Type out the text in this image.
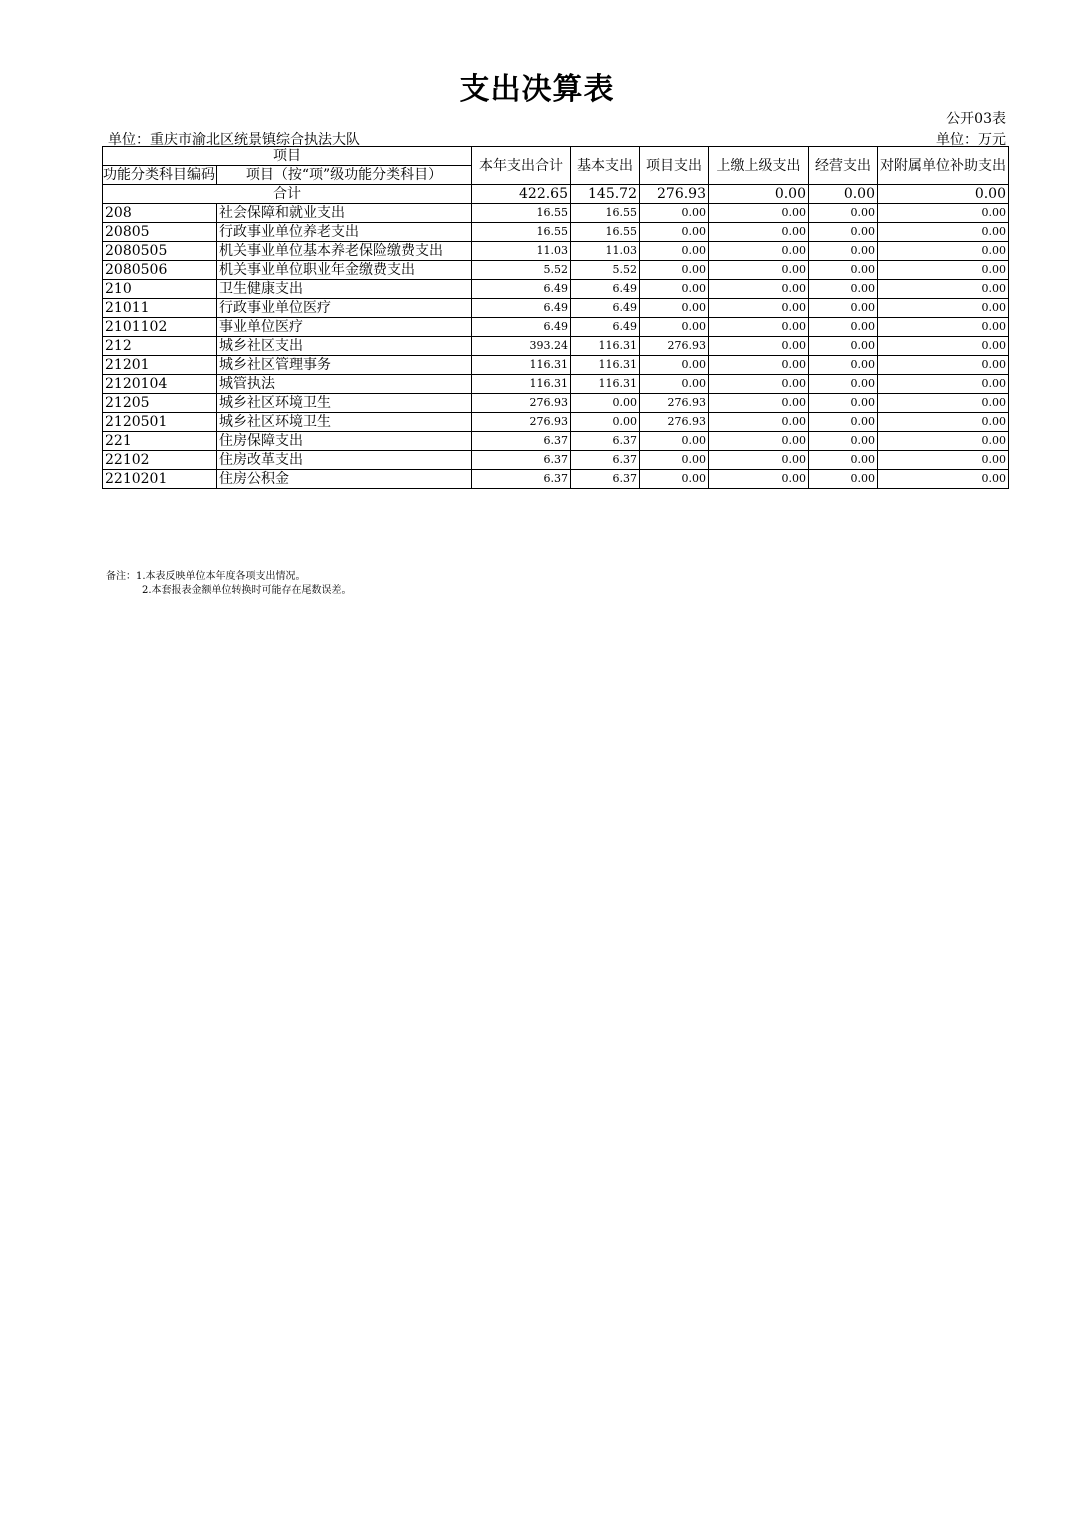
支出决算表
公开03表
单位：重庆市渝北区统景镇综合执法大队	单位：万元
项目		本年支出合计	基本支出	项目支出	上缴上级支出	经营支出	对附属单位补助支出
功能分类科目编码	项目（按“项”级功能分类科目）						
合计		422.65	145.72	276.93	0.00	0.00	0.00
208	社会保障和就业支出	16.55	16.55	0.00	0.00	0.00	0.00
20805	行政事业单位养老支出	16.55	16.55	0.00	0.00	0.00	0.00
2080505	机关事业单位基本养老保险缴费支出	11.03	11.03	0.00	0.00	0.00	0.00
2080506	机关事业单位职业年金缴费支出	5.52	5.52	0.00	0.00	0.00	0.00
210	卫生健康支出	6.49	6.49	0.00	0.00	0.00	0.00
21011	行政事业单位医疗	6.49	6.49	0.00	0.00	0.00	0.00
2101102	事业单位医疗	6.49	6.49	0.00	0.00	0.00	0.00
212	城乡社区支出	393.24	116.31	276.93	0.00	0.00	0.00
21201	城乡社区管理事务	116.31	116.31	0.00	0.00	0.00	0.00
2120104	城管执法	116.31	116.31	0.00	0.00	0.00	0.00
21205	城乡社区环境卫生	276.93	0.00	276.93	0.00	0.00	0.00
2120501	城乡社区环境卫生	276.93	0.00	276.93	0.00	0.00	0.00
221	住房保障支出	6.37	6.37	0.00	0.00	0.00	0.00
22102	住房改革支出	6.37	6.37	0.00	0.00	0.00	0.00
2210201	住房公积金	6.37	6.37	0.00	0.00	0.00	0.00
备注：1.本表反映单位本年度各项支出情况。
2.本套报表金额单位转换时可能存在尾数误差。
